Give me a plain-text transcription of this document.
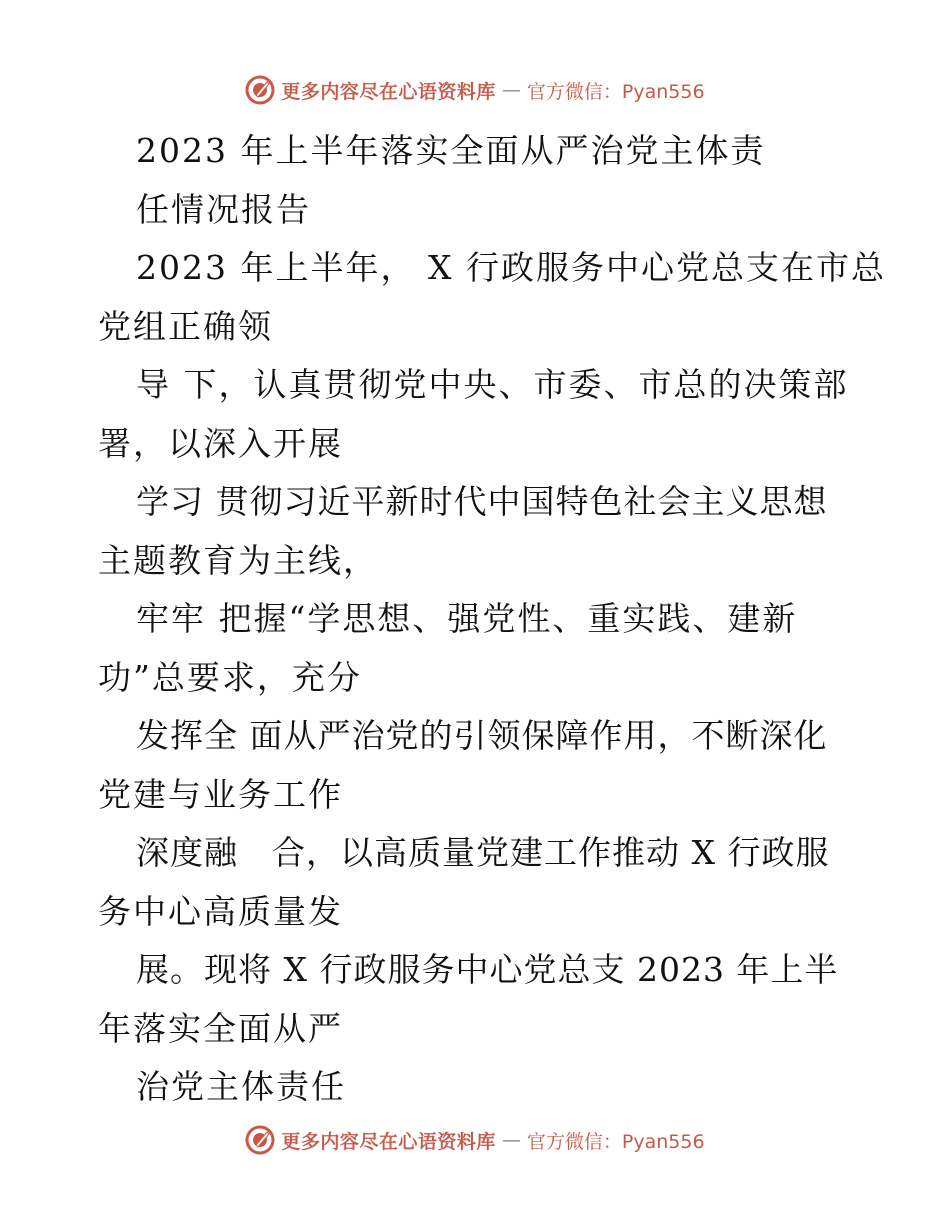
更多内容尽在心语资料库 — 官方微信：Pyan556
2023 年上半年落实全面从严治党主体责
任情况报告
2023 年上半年， X 行政服务中心党总支在市总
党组正确领
导 下，认真贯彻党中央、市委、市总的决策部
署，以深入开展
学习 贯彻习近平新时代中国特色社会主义思想
主题教育为主线，
牢牢 把握“学思想、强党性、重实践、建新
功”总要求，充分
发挥全 面从严治党的引领保障作用，不断深化
党建与业务工作
深度融　合，以高质量党建工作推动 X 行政服
务中心高质量发
展。现将 X 行政服务中心党总支 2023 年上半
年落实全面从严
治党主体责任
更多内容尽在心语资料库 — 官方微信：Pyan556
